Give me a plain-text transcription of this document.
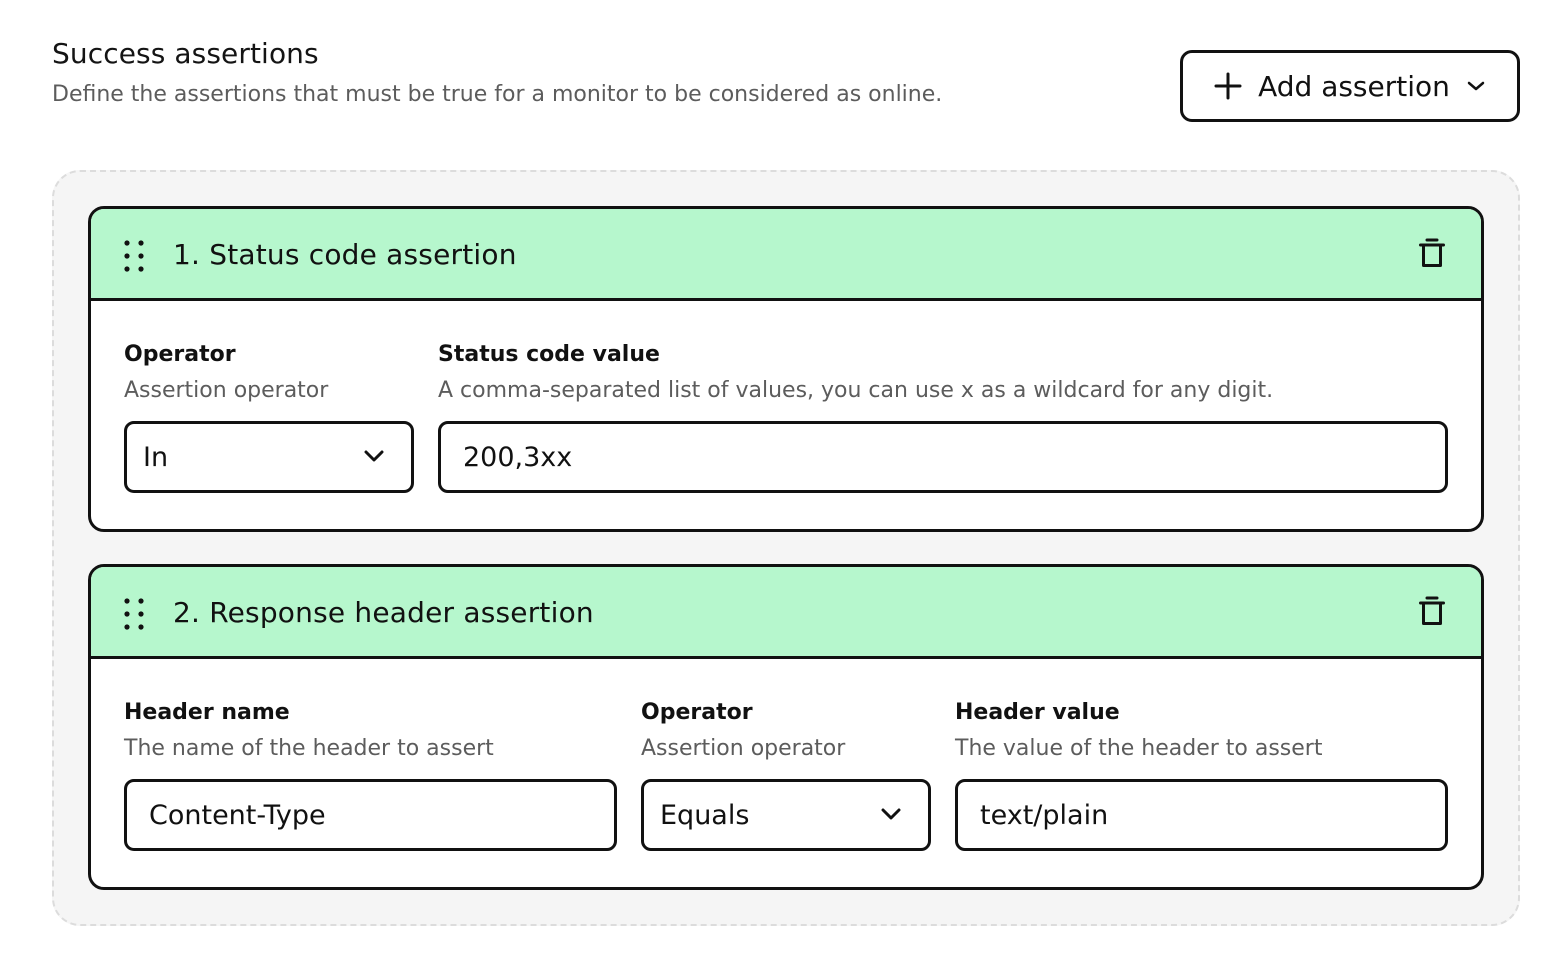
Success assertions
Define the assertions that must be true for a monitor to be considered as online.	Add assertion
1. Status code assertion
Operator
Assertion operator
In
Status code value
A comma-separated list of values, you can use x as a wildcard for any digit.
200,3xx
2. Response header assertion
Header name
The name of the header to assert
Content-Type
Operator
Assertion operator
Equals
Header value
The value of the header to assert
text/plain
